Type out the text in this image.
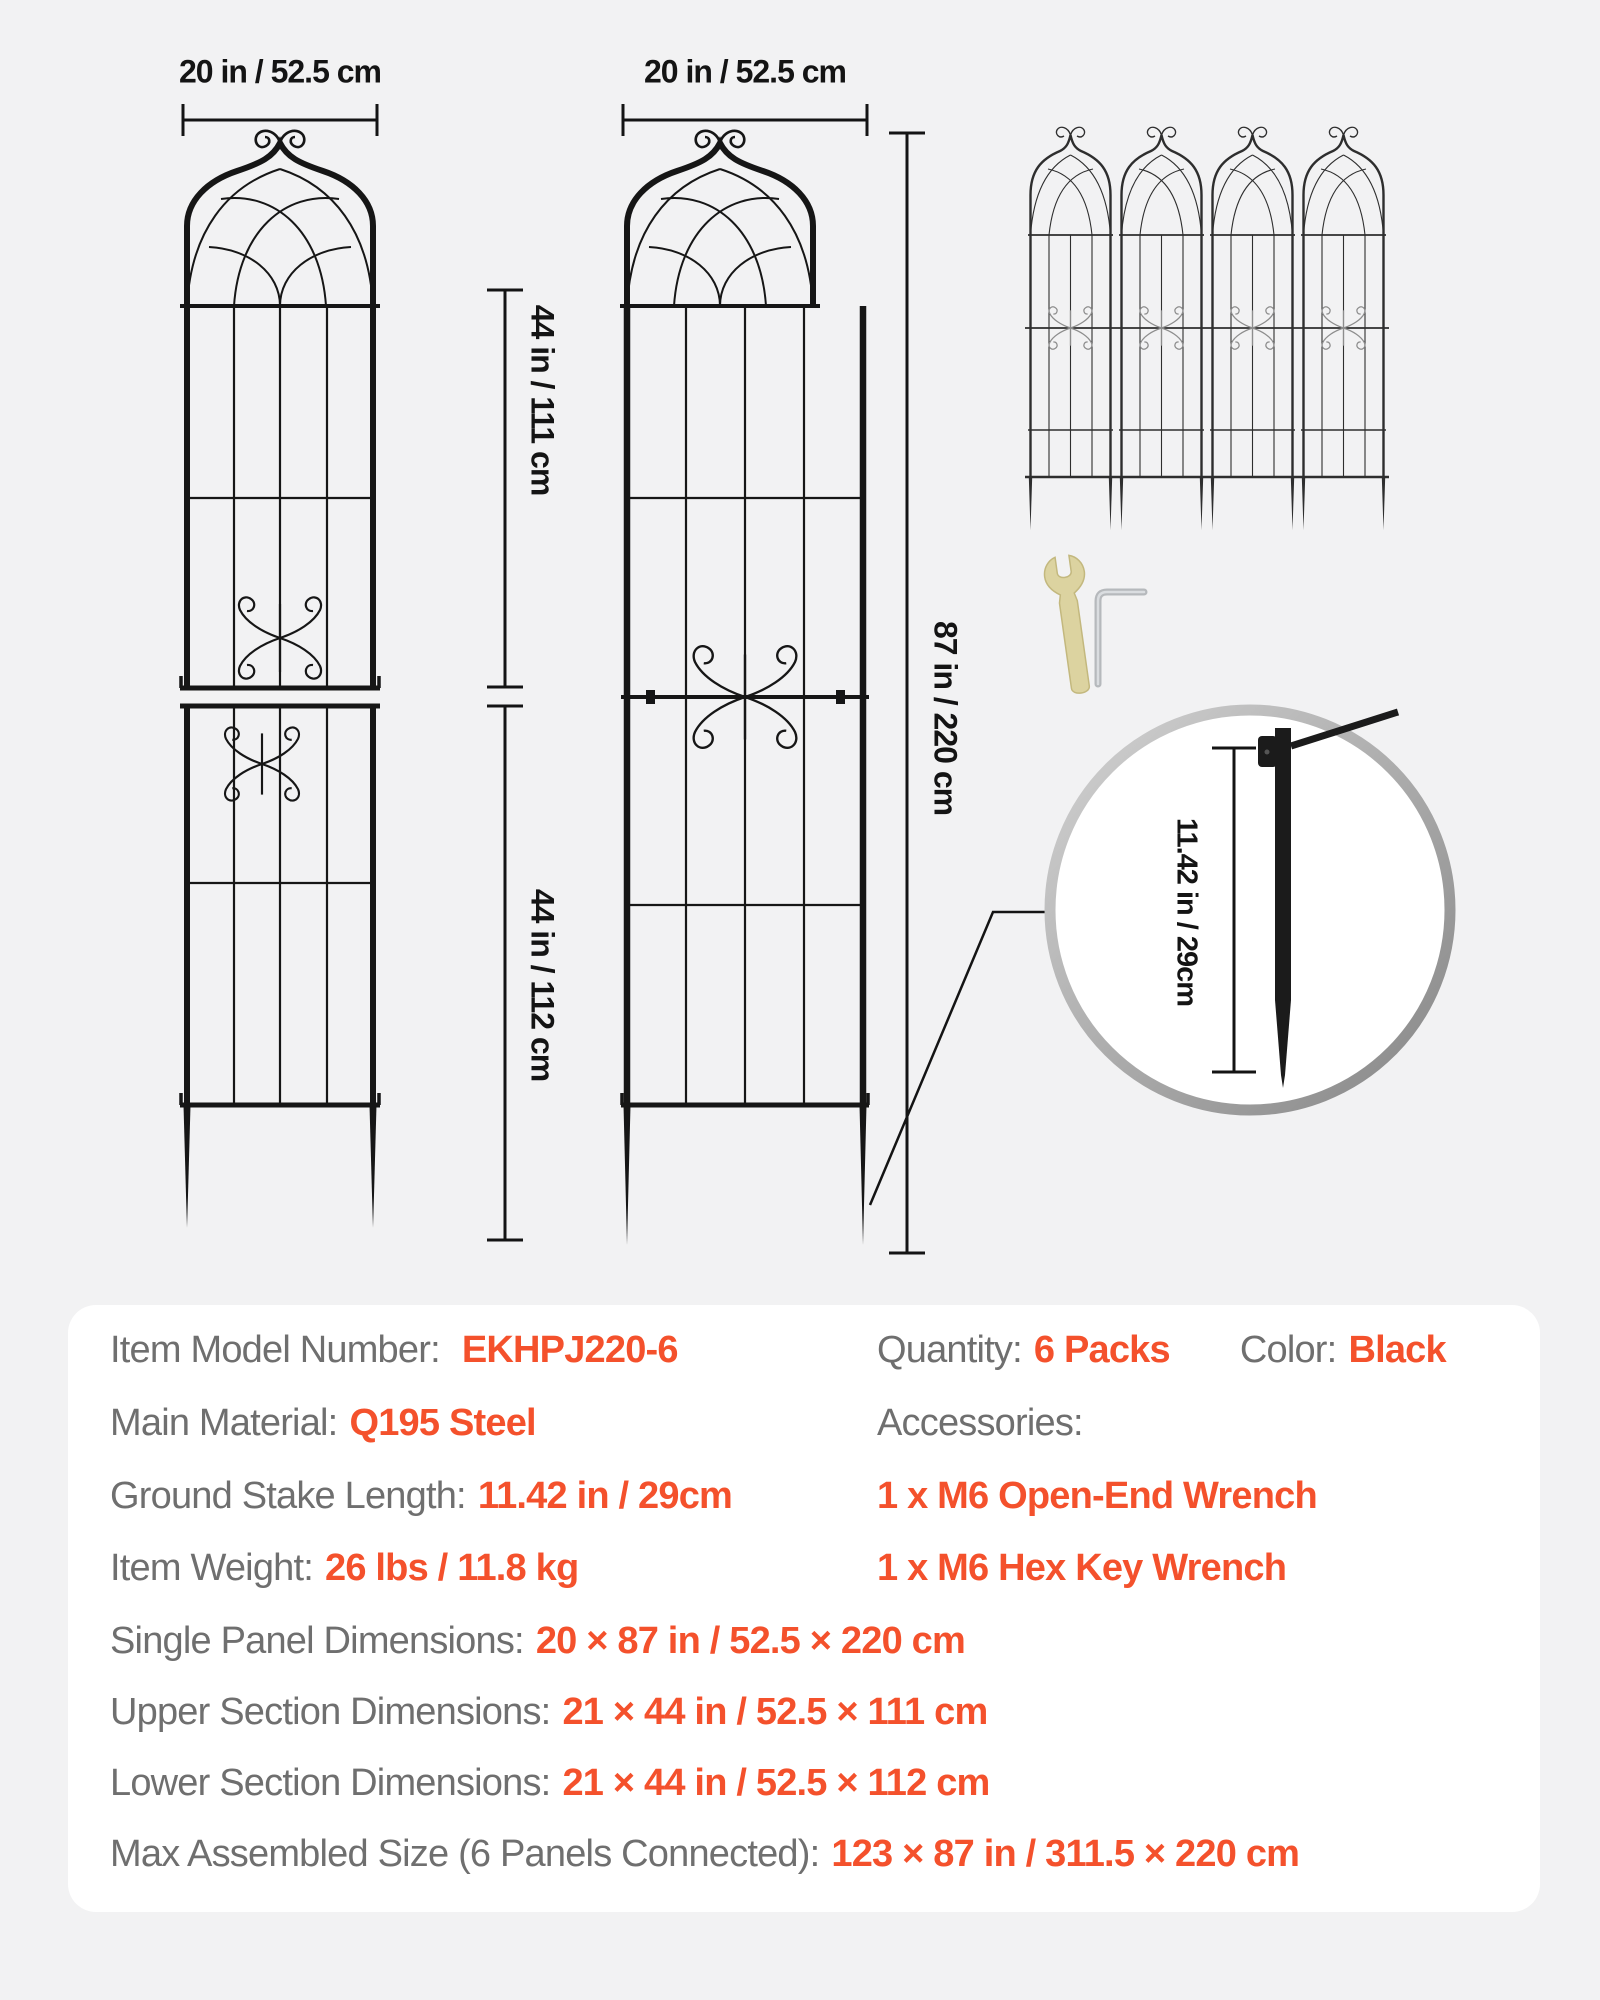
20 in / 52.5 cm	20 in / 52.5 cm
44 in / 111 cm
44 in / 112 cm
87 in / 220 cm
11.42 in / 29cm
Item Model Number: EKHPJ220-6
Main Material: Q195 Steel
Ground Stake Length: 11.42 in / 29cm
Item Weight: 26 lbs / 11.8 kg
Quantity: 6 Packs Color: Black
Accessories:
1 x M6 Open-End Wrench
1 x M6 Hex Key Wrench
Single Panel Dimensions: 20 × 87 in / 52.5 × 220 cm
Upper Section Dimensions: 21 × 44 in / 52.5 × 111 cm
Lower Section Dimensions: 21 × 44 in / 52.5 × 112 cm
Max Assembled Size (6 Panels Connected): 123 × 87 in / 311.5 × 220 cm
